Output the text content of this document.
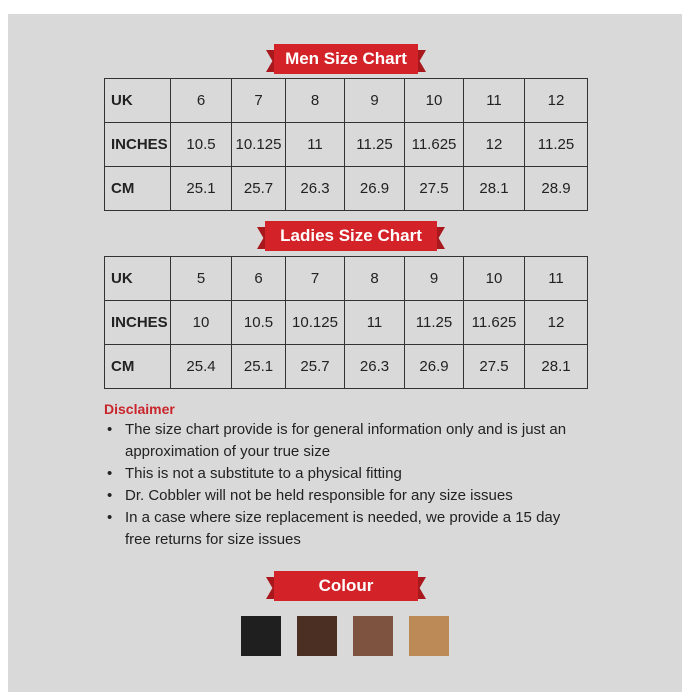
Men Size Chart
UK	6	7	8	9	10	11	12
INCHES	10.5	10.125	11	11.25	11.625	12	11.25
CM	25.1	25.7	26.3	26.9	27.5	28.1	28.9
Ladies Size Chart
UK	5	6	7	8	9	10	11
INCHES	10	10.5	10.125	11	11.25	11.625	12
CM	25.4	25.1	25.7	26.3	26.9	27.5	28.1
Disclaimer
• The size chart provide is for general information only and is just an approximation of your true size
• This is not a substitute to a physical fitting
• Dr. Cobbler will not be held responsible for any size issues
• In a case where size replacement is needed, we provide a 15 day free returns for size issues
Colour
